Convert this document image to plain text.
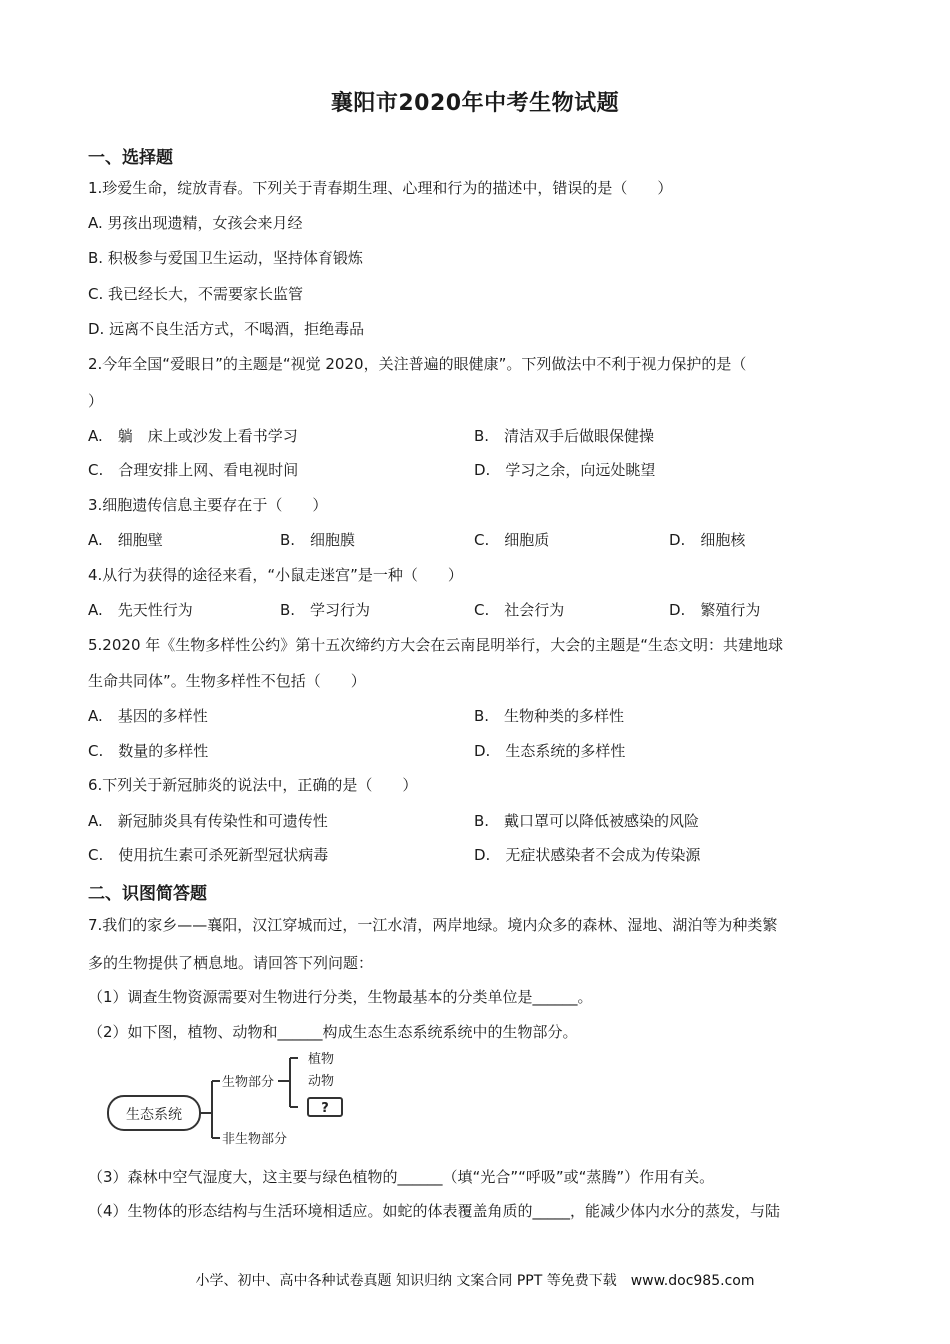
襄阳市2020年中考生物试题
一、选择题
1.珍爱生命，绽放青春。下列关于青春期生理、心理和行为的描述中，错误的是（　　）
A. 男孩出现遗精，女孩会来月经
B. 积极参与爱国卫生运动，坚持体育锻炼
C. 我已经长大，不需要家长监管
D. 远离不良生活方式，不喝酒，拒绝毒品
2.今年全国“爱眼日”的主题是“视觉 2020，关注普遍的眼健康”。下列做法中不利于视力保护的是（
）
A.　躺　床上或沙发上看书学习	B.　清洁双手后做眼保健操
C.　合理安排上网、看电视时间	D.　学习之余，向远处眺望
3.细胞遗传信息主要存在于（　　）
A.　细胞壁	B.　细胞膜	C.　细胞质	D.　细胞核
4.从行为获得的途径来看，“小鼠走迷宫”是一种（　　）
A.　先天性行为	B.　学习行为	C.　社会行为	D.　繁殖行为
5.2020 年《生物多样性公约》第十五次缔约方大会在云南昆明举行，大会的主题是“生态文明：共建地球
生命共同体”。生物多样性不包括（　　）
A.　基因的多样性	B.　生物种类的多样性
C.　数量的多样性	D.　生态系统的多样性
6.下列关于新冠肺炎的说法中，正确的是（　　）
A.　新冠肺炎具有传染性和可遗传性	B.　戴口罩可以降低被感染的风险
C.　使用抗生素可杀死新型冠状病毒	D.　无症状感染者不会成为传染源
二、识图简答题
7.我们的家乡——襄阳，汉江穿城而过，一江水清，两岸地绿。境内众多的森林、湿地、湖泊等为种类繁
多的生物提供了栖息地。请回答下列问题：
（1）调查生物资源需要对生物进行分类，生物最基本的分类单位是______。
（2）如下图，植物、动物和______构成生态生态系统系统中的生物部分。
生态系统
生物部分
非生物部分
植物
动物
?
（3）森林中空气湿度大，这主要与绿色植物的______（填“光合”“呼吸”或“蒸腾”）作用有关。
（4）生物体的形态结构与生活环境相适应。如蛇的体表覆盖角质的_____，能减少体内水分的蒸发，与陆
小学、初中、高中各种试卷真题 知识归纳 文案合同 PPT 等免费下载　www.doc985.com
